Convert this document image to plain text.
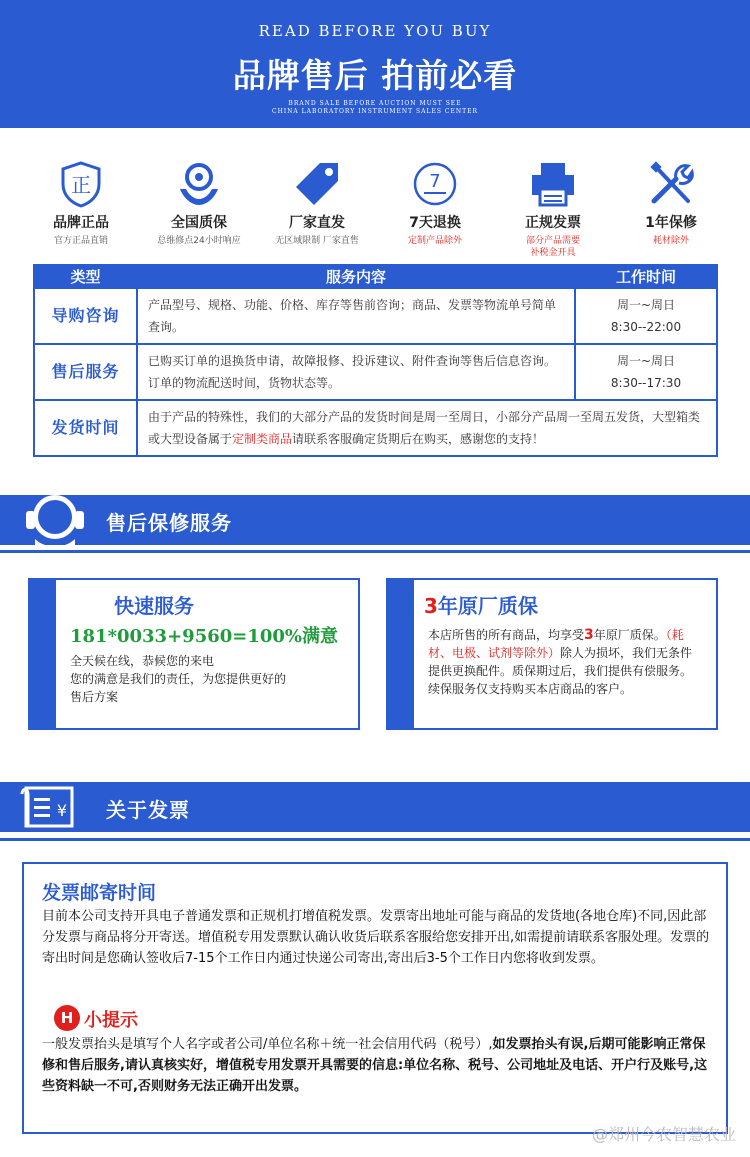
READ BEFORE YOU BUY
品牌售后 拍前必看
BRAND SALE BEFORE AUCTION MUST SEE
CHINA LABORATORY INSTRUMENT SALES CENTER
正
品牌正品
官方正品直销
全国质保
总维修点24小时响应
厂家直发
无区域限制 厂家直售
7
7天退换
定制产品除外
正规发票
部分产品需要
补税金开具
1年保修
耗材除外
类型	服务内容	工作时间
导购咨询	产品型号、规格、功能、价格、库存等售前咨询；商品、发票等物流单号简单查询。	周一~周日
8:30--22:00

售后服务	已购买订单的退换货申请，故障报修、投诉建议、附件查询等售后信息咨询。订单的物流配送时间，货物状态等。	周一~周日
8:30--17:30

发货时间	由于产品的特殊性，我们的大部分产品的发货时间是周一至周日，小部分产品周一至周五发货，大型箱类或大型设备属于定制类商品请联系客服确定货期后在购买，感谢您的支持！	
售后保修服务
快速服务
181*0033+9560=100%满意
全天候在线，恭候您的来电
您的满意是我们的责任，为您提供更好的
售后方案
3年原厂质保
本店所售的所有商品，均享受3年原厂质保。（耗材、电极、试剂等除外）除人为损坏，我们无条件提供更换配件。质保期过后，我们提供有偿服务。续保服务仅支持购买本店商品的客户。
¥ 关于发票
发票邮寄时间
目前本公司支持开具电子普通发票和正规机打增值税发票。发票寄出地址可能与商品的发货地(各地仓库)不同,因此部分发票与商品将分开寄送。增值税专用发票默认确认收货后联系客服给您安排开出,如需提前请联系客服处理。发票的寄出时间是您确认签收后7-15个工作日内通过快递公司寄出,寄出后3-5个工作日内您将收到发票。
H 小提示
一般发票抬头是填写个人名字或者公司/单位名称＋统一社会信用代码（税号）,如发票抬头有误,后期可能影响正常保修和售后服务,请认真核实好，增值税专用发票开具需要的信息:单位名称、税号、公司地址及电话、开户行及账号,这些资料缺一不可,否则财务无法正确开出发票。
@郑州今农智慧农业
